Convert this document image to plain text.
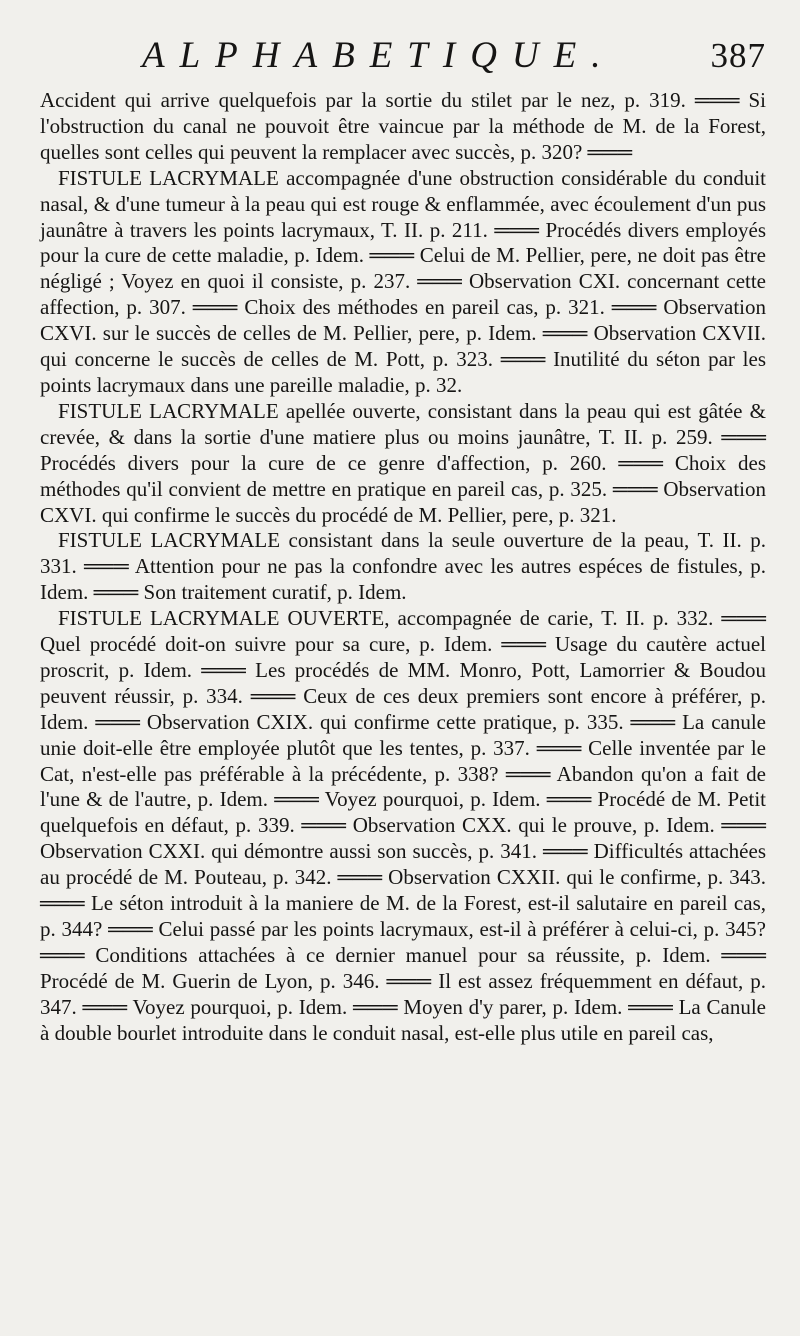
ALPHABETIQUE.	387

Accident qui arrive quelquefois par la sortie du stilet par le nez, p. 319. ═══ Si l'obstruction du canal ne pouvoit être vaincue par la méthode de M. de la Forest, quelles sont celles qui peuvent la remplacer avec succès, p. 320? ═══

FISTULE LACRYMALE accompagnée d'une obstruction considérable du conduit nasal, & d'une tumeur à la peau qui est rouge & enflammée, avec écoulement d'un pus jaunâtre à travers les points lacrymaux, T. II. p. 211. ═══ Procédés divers employés pour la cure de cette maladie, p. Idem. ═══ Celui de M. Pellier, pere, ne doit pas être négligé ; Voyez en quoi il consiste, p. 237. ═══ Observation CXI. concernant cette affection, p. 307. ═══ Choix des méthodes en pareil cas, p. 321. ═══ Observation CXVI. sur le succès de celles de M. Pellier, pere, p. Idem. ═══ Observation CXVII. qui concerne le succès de celles de M. Pott, p. 323. ═══ Inutilité du séton par les points lacrymaux dans une pareille maladie, p. 32.

FISTULE LACRYMALE apellée ouverte, consistant dans la peau qui est gâtée & crevée, & dans la sortie d'une matiere plus ou moins jaunâtre, T. II. p. 259. ═══ Procédés divers pour la cure de ce genre d'affection, p. 260. ═══ Choix des méthodes qu'il convient de mettre en pratique en pareil cas, p. 325. ═══ Observation CXVI. qui confirme le succès du procédé de M. Pellier, pere, p. 321.

FISTULE LACRYMALE consistant dans la seule ouverture de la peau, T. II. p. 331. ═══ Attention pour ne pas la confondre avec les autres espéces de fistules, p. Idem. ═══ Son traitement curatif, p. Idem.

FISTULE LACRYMALE OUVERTE, accompagnée de carie, T. II. p. 332. ═══ Quel procédé doit-on suivre pour sa cure, p. Idem. ═══ Usage du cautère actuel proscrit, p. Idem. ═══ Les procédés de MM. Monro, Pott, Lamorrier & Boudou peuvent réussir, p. 334. ═══ Ceux de ces deux premiers sont encore à préférer, p. Idem. ═══ Observation CXIX. qui confirme cette pratique, p. 335. ═══ La canule unie doit-elle être employée plutôt que les tentes, p. 337. ═══ Celle inventée par le Cat, n'est-elle pas préférable à la précédente, p. 338? ═══ Abandon qu'on a fait de l'une & de l'autre, p. Idem. ═══ Voyez pourquoi, p. Idem. ═══ Procédé de M. Petit quelquefois en défaut, p. 339. ═══ Observation CXX. qui le prouve, p. Idem. ═══ Observation CXXI. qui démontre aussi son succès, p. 341. ═══ Difficultés attachées au procédé de M. Pouteau, p. 342. ═══ Observation CXXII. qui le confirme, p. 343. ═══ Le séton introduit à la maniere de M. de la Forest, est-il salutaire en pareil cas, p. 344? ═══ Celui passé par les points lacrymaux, est-il à préférer à celui-ci, p. 345? ═══ Conditions attachées à ce dernier manuel pour sa réussite, p. Idem. ═══ Procédé de M. Guerin de Lyon, p. 346. ═══ Il est assez fréquemment en défaut, p. 347. ═══ Voyez pourquoi, p. Idem. ═══ Moyen d'y parer, p. Idem. ═══ La Canule à double bourlet introduite dans le conduit nasal, est-elle plus utile en pareil cas,
